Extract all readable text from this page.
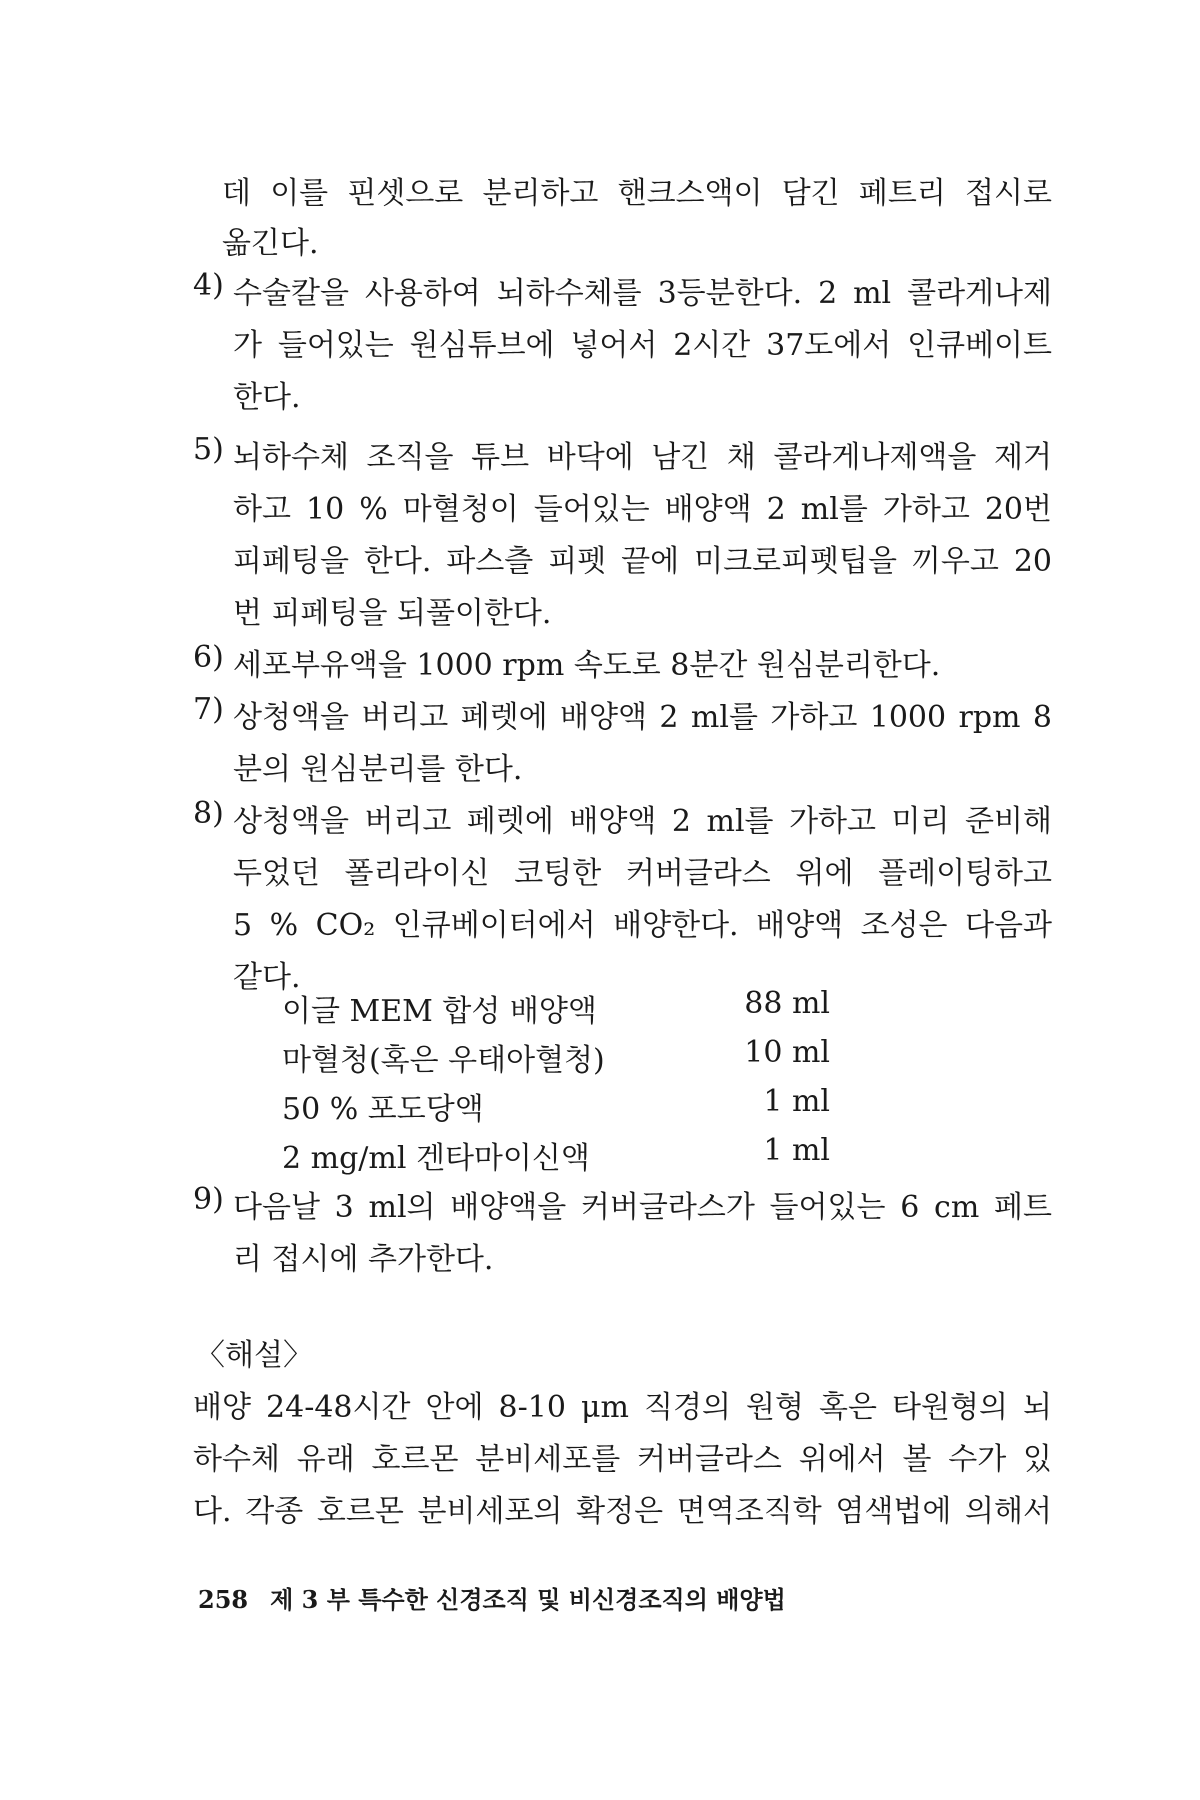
데 이를 핀셋으로 분리하고 핸크스액이 담긴 페트리 접시로
옮긴다.
4) 수술칼을 사용하여 뇌하수체를 3등분한다. 2 ml 콜라게나제
가 들어있는 원심튜브에 넣어서 2시간 37도에서 인큐베이트
한다.
5) 뇌하수체 조직을 튜브 바닥에 남긴 채 콜라게나제액을 제거
하고 10 % 마혈청이 들어있는 배양액 2 ml를 가하고 20번
피페팅을 한다. 파스츨 피펫 끝에 미크로피펫팁을 끼우고 20
번 피페팅을 되풀이한다.
6) 세포부유액을 1000 rpm 속도로 8분간 원심분리한다.
7) 상청액을 버리고 페렛에 배양액 2 ml를 가하고 1000 rpm 8
분의 원심분리를 한다.
8) 상청액을 버리고 페렛에 배양액 2 ml를 가하고 미리 준비해
두었던 폴리라이신 코팅한 커버글라스 위에 플레이팅하고
5 % CO₂ 인큐베이터에서 배양한다. 배양액 조성은 다음과
같다.
이글 MEM 합성 배양액	88 ml
마혈청(혹은 우태아혈청)	10 ml
50 % 포도당액	1 ml
2 mg/ml 겐타마이신액	1 ml
9) 다음날 3 ml의 배양액을 커버글라스가 들어있는 6 cm 페트
리 접시에 추가한다.
〈해설〉
배양 24-48시간 안에 8-10 μm 직경의 원형 혹은 타원형의 뇌
하수체 유래 호르몬 분비세포를 커버글라스 위에서 볼 수가 있
다. 각종 호르몬 분비세포의 확정은 면역조직학 염색법에 의해서
258 제 3 부 특수한 신경조직 및 비신경조직의 배양법
